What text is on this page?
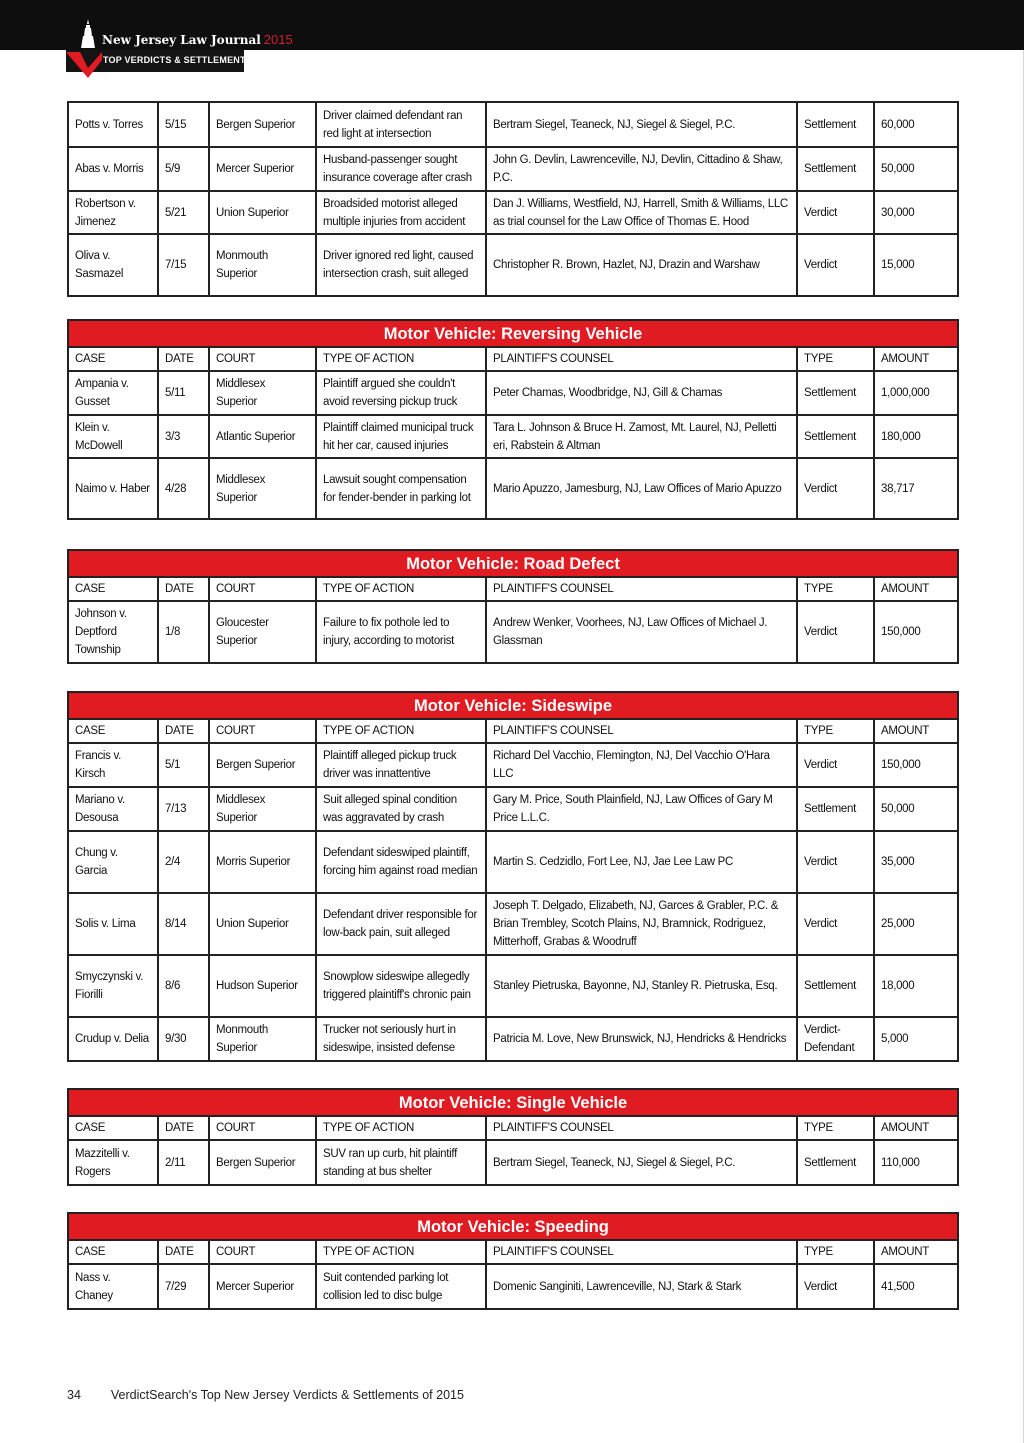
New Jersey Law Journal 2015
TOP VERDICTS & SETTLEMENTS NJ
Potts v. Torres	5/15	Bergen Superior	Driver claimed defendant ran red light at intersection	Bertram Siegel, Teaneck, NJ, Siegel & Siegel, P.C.	Settlement	60,000
Abas v. Morris	5/9	Mercer Superior	Husband-passenger sought insurance coverage after crash	John G. Devlin, Lawrenceville, NJ, Devlin, Cittadino & Shaw, P.C.	Settlement	50,000
Robertson v. Jimenez	5/21	Union Superior	Broadsided motorist alleged multiple injuries from accident	Dan J. Williams, Westfield, NJ, Harrell, Smith & Williams, LLC as trial counsel for the Law Office of Thomas E. Hood	Verdict	30,000
Oliva v. Sasmazel	7/15	Monmouth Superior	Driver ignored red light, caused intersection crash, suit alleged	Christopher R. Brown, Hazlet, NJ, Drazin and Warshaw	Verdict	15,000
Motor Vehicle: Reversing Vehicle						
CASE	DATE	COURT	TYPE OF ACTION	PLAINTIFF'S COUNSEL	TYPE	AMOUNT
Ampania v. Gusset	5/11	Middlesex Superior	Plaintiff argued she couldn't avoid reversing pickup truck	Peter Chamas, Woodbridge, NJ, Gill & Chamas	Settlement	1,000,000
Klein v. McDowell	3/3	Atlantic Superior	Plaintiff claimed municipal truck hit her car, caused injuries	Tara L. Johnson & Bruce H. Zamost, Mt. Laurel, NJ, Pelletti eri, Rabstein & Altman	Settlement	180,000
Naimo v. Haber	4/28	Middlesex Superior	Lawsuit sought compensation for fender-bender in parking lot	Mario Apuzzo, Jamesburg, NJ, Law Offices of Mario Apuzzo	Verdict	38,717
Motor Vehicle: Road Defect						
CASE	DATE	COURT	TYPE OF ACTION	PLAINTIFF'S COUNSEL	TYPE	AMOUNT
Johnson v. Deptford Township	1/8	Gloucester Superior	Failure to fix pothole led to injury, according to motorist	Andrew Wenker, Voorhees, NJ, Law Offices of Michael J. Glassman	Verdict	150,000
Motor Vehicle: Sideswipe						
CASE	DATE	COURT	TYPE OF ACTION	PLAINTIFF'S COUNSEL	TYPE	AMOUNT
Francis v. Kirsch	5/1	Bergen Superior	Plaintiff alleged pickup truck driver was innattentive	Richard Del Vacchio, Flemington, NJ, Del Vacchio O'Hara LLC	Verdict	150,000
Mariano v. Desousa	7/13	Middlesex Superior	Suit alleged spinal condition was aggravated by crash	Gary M. Price, South Plainfield, NJ, Law Offices of Gary M Price L.L.C.	Settlement	50,000
Chung v. Garcia	2/4	Morris Superior	Defendant sideswiped plaintiff, forcing him against road median	Martin S. Cedzidlo, Fort Lee, NJ, Jae Lee Law PC	Verdict	35,000
Solis v. Lima	8/14	Union Superior	Defendant driver responsible for low-back pain, suit alleged	Joseph T. Delgado, Elizabeth, NJ, Garces & Grabler, P.C. & Brian Trembley, Scotch Plains, NJ, Bramnick, Rodriguez, Mitterhoff, Grabas & Woodruff	Verdict	25,000
Smyczynski v. Fiorilli	8/6	Hudson Superior	Snowplow sideswipe allegedly triggered plaintiff's chronic pain	Stanley Pietruska, Bayonne, NJ, Stanley R. Pietruska, Esq.	Settlement	18,000
Crudup v. Delia	9/30	Monmouth Superior	Trucker not seriously hurt in sideswipe, insisted defense	Patricia M. Love, New Brunswick, NJ, Hendricks & Hendricks	Verdict-Defendant	5,000
Motor Vehicle: Single Vehicle						
CASE	DATE	COURT	TYPE OF ACTION	PLAINTIFF'S COUNSEL	TYPE	AMOUNT
Mazzitelli v. Rogers	2/11	Bergen Superior	SUV ran up curb, hit plaintiff standing at bus shelter	Bertram Siegel, Teaneck, NJ, Siegel & Siegel, P.C.	Settlement	110,000
Motor Vehicle: Speeding						
CASE	DATE	COURT	TYPE OF ACTION	PLAINTIFF'S COUNSEL	TYPE	AMOUNT
Nass v. Chaney	7/29	Mercer Superior	Suit contended parking lot collision led to disc bulge	Domenic Sanginiti, Lawrenceville, NJ, Stark & Stark	Verdict	41,500
34 VerdictSearch's Top New Jersey Verdicts & Settlements of 2015
